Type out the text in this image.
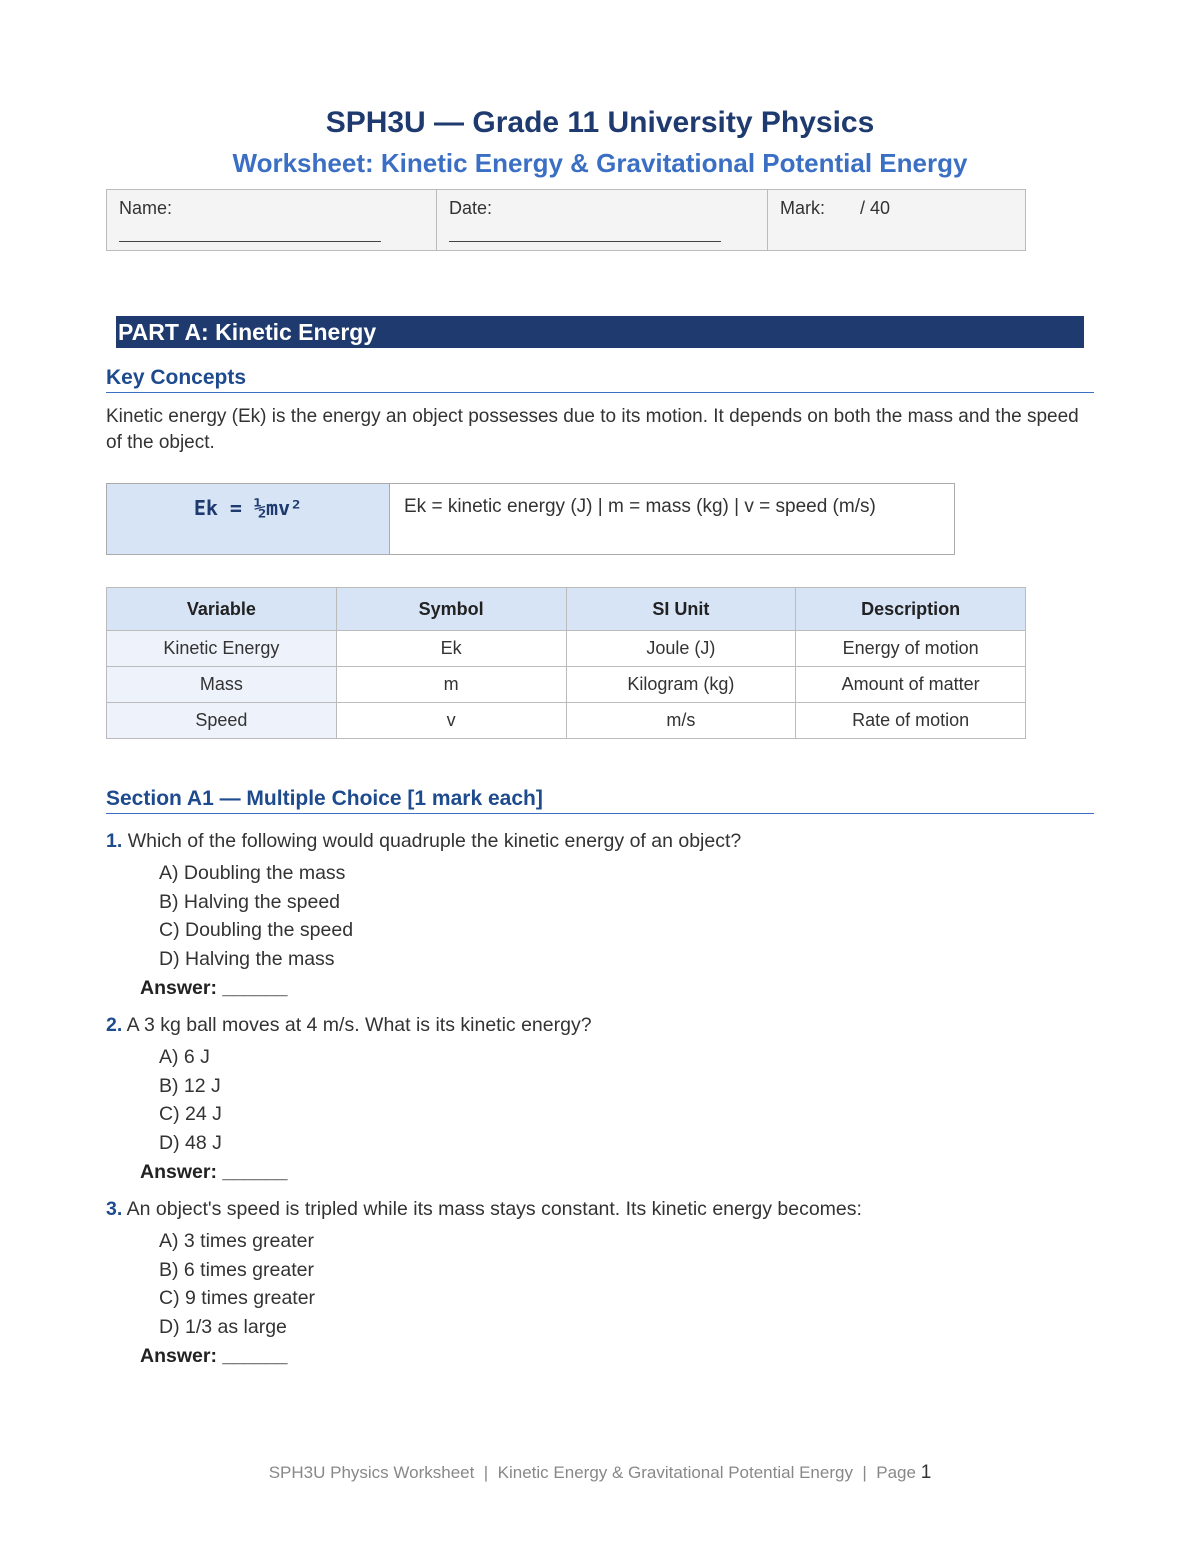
SPH3U — Grade 11 University Physics
Worksheet: Kinetic Energy & Gravitational Potential Energy
Name:	Date:	Mark: / 40
PART A: Kinetic Energy
Key Concepts

Kinetic energy (Ek) is the energy an object possesses due to its motion. It depends on both the mass and the speed of the object.

Ek = ½mv²	Ek = kinetic energy (J) | m = mass (kg) | v = speed (m/s)
Variable	Symbol	SI Unit	Description
Kinetic Energy	Ek	Joule (J)	Energy of motion
Mass	m	Kilogram (kg)	Amount of matter
Speed	v	m/s	Rate of motion
Section A1 — Multiple Choice [1 mark each]

1. Which of the following would quadruple the kinetic energy of an object?

A) Doubling the mass
B) Halving the speed
C) Doubling the speed
D) Halving the mass
Answer: ______

2. A 3 kg ball moves at 4 m/s. What is its kinetic energy?

A) 6 J
B) 12 J
C) 24 J
D) 48 J
Answer: ______

3. An object's speed is tripled while its mass stays constant. Its kinetic energy becomes:

A) 3 times greater
B) 6 times greater
C) 9 times greater
D) 1/3 as large
Answer: ______
SPH3U Physics Worksheet  |  Kinetic Energy & Gravitational Potential Energy  |  Page 1
